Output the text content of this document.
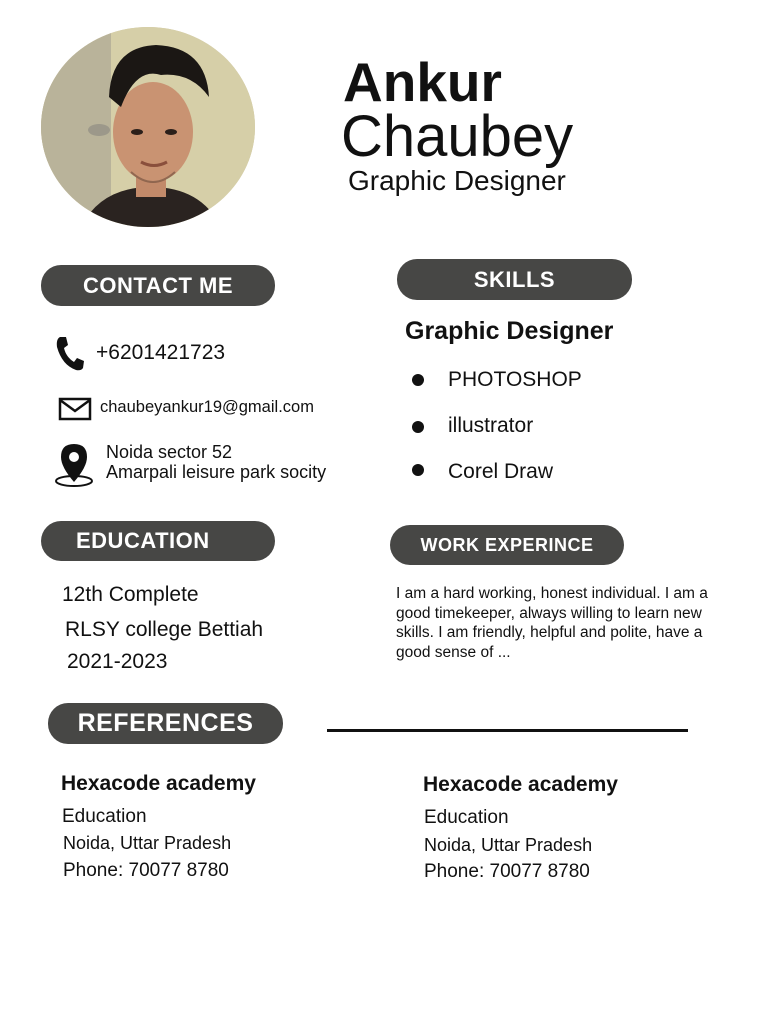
Ankur
Chaubey
Graphic Designer
CONTACT ME
+6201421723
chaubeyankur19@gmail.com
Noida sector 52
Amarpali leisure park socity
SKILLS
Graphic Designer
PHOTOSHOP
illustrator
Corel Draw
EDUCATION
12th Complete
RLSY college Bettiah
2021-2023
WORK EXPERINCE
I am a hard working, honest individual. I am a good timekeeper, always willing to learn new skills. I am friendly, helpful and polite, have a good sense of ...
REFERENCES
Hexacode academy
Education
Noida, Uttar Pradesh
Phone: 70077 8780
Hexacode academy
Education
Noida, Uttar Pradesh
Phone: 70077 8780
